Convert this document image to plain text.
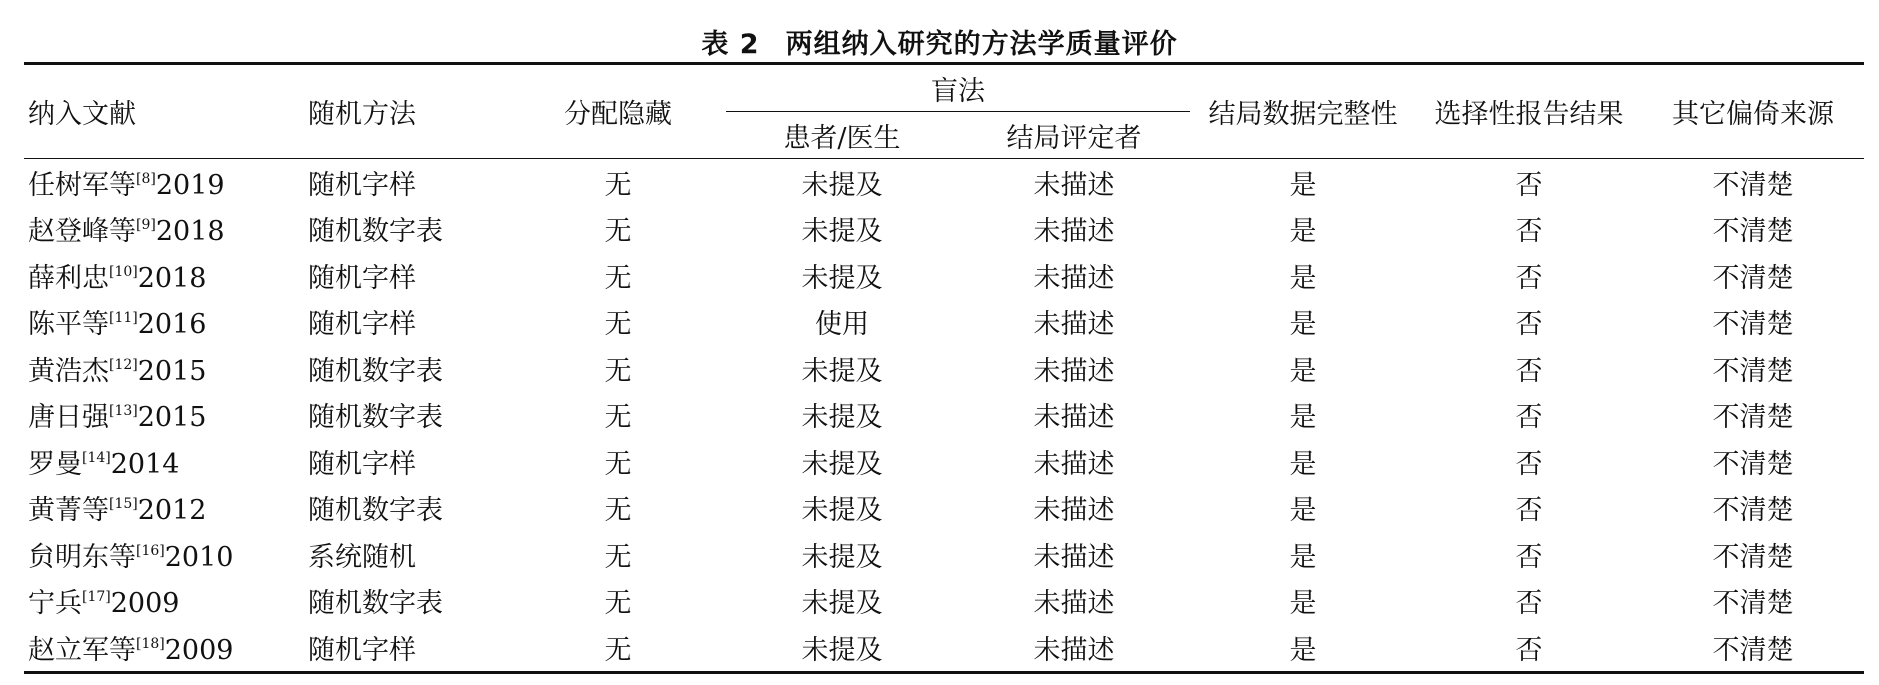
表 2 两组纳入研究的方法学质量评价
纳入文献	随机方法	分配隐藏	盲法		结局数据完整性	选择性报告结果	其它偏倚来源
			患者/医生	结局评定者			
任树军等[8]2019	随机字样	无	未提及	未描述	是	否	不清楚
赵登峰等[9]2018	随机数字表	无	未提及	未描述	是	否	不清楚
薛利忠[10]2018	随机字样	无	未提及	未描述	是	否	不清楚
陈平等[11]2016	随机字样	无	使用	未描述	是	否	不清楚
黄浩杰[12]2015	随机数字表	无	未提及	未描述	是	否	不清楚
唐日强[13]2015	随机数字表	无	未提及	未描述	是	否	不清楚
罗曼[14]2014	随机字样	无	未提及	未描述	是	否	不清楚
黄菁等[15]2012	随机数字表	无	未提及	未描述	是	否	不清楚
贠明东等[16]2010	系统随机	无	未提及	未描述	是	否	不清楚
宁兵[17]2009	随机数字表	无	未提及	未描述	是	否	不清楚
赵立军等[18]2009	随机字样	无	未提及	未描述	是	否	不清楚
